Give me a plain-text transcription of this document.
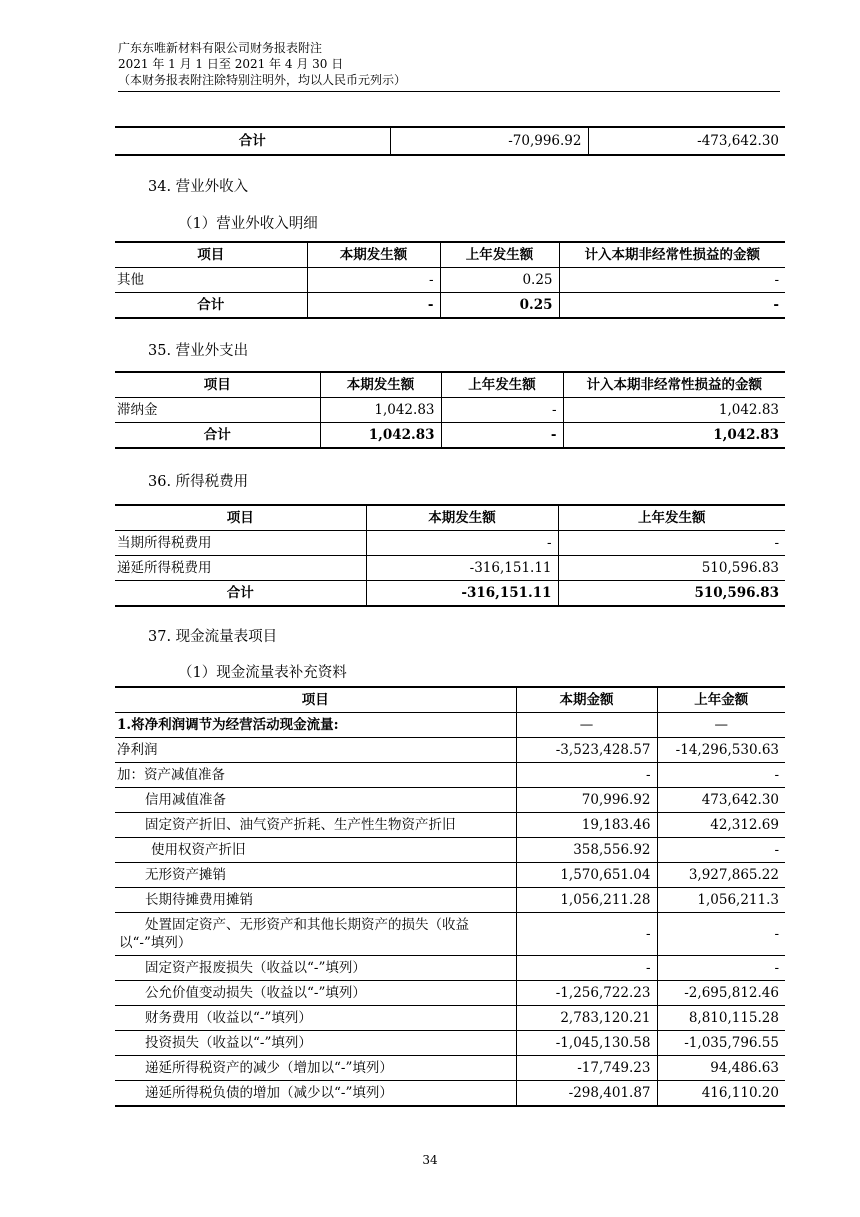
广东东唯新材料有限公司财务报表附注
2021 年 1 月 1 日至 2021 年 4 月 30 日
（本财务报表附注除特别注明外，均以人民币元列示）
合计	-70,996.92	-473,642.30
34. 营业外收入
（1）营业外收入明细
项目	本期发生额	上年发生额	计入本期非经常性损益的金额
其他	-	0.25	-
合计	-	0.25	-
35. 营业外支出
项目	本期发生额	上年发生额	计入本期非经常性损益的金额
滞纳金	1,042.83	-	1,042.83
合计	1,042.83	-	1,042.83
36. 所得税费用
项目	本期发生额	上年发生额
当期所得税费用	-	-
递延所得税费用	-316,151.11	510,596.83
合计	-316,151.11	510,596.83
37. 现金流量表项目
（1）现金流量表补充资料
项目	本期金额	上年金额
1.将净利润调节为经营活动现金流量:	—	—
净利润	-3,523,428.57	-14,296,530.63
加：资产减值准备	-	-
信用减值准备	70,996.92	473,642.30
固定资产折旧、油气资产折耗、生产性生物资产折旧	19,183.46	42,312.69
使用权资产折旧	358,556.92	-
无形资产摊销	1,570,651.04	3,927,865.22
长期待摊费用摊销	1,056,211.28	1,056,211.3
处置固定资产、无形资产和其他长期资产的损失（收益以“-”填列）	-	-
固定资产报废损失（收益以“-”填列）	-	-
公允价值变动损失（收益以“-”填列）	-1,256,722.23	-2,695,812.46
财务费用（收益以“-”填列）	2,783,120.21	8,810,115.28
投资损失（收益以“-”填列）	-1,045,130.58	-1,035,796.55
递延所得税资产的减少（增加以“-”填列）	-17,749.23	94,486.63
递延所得税负债的增加（减少以“-”填列）	-298,401.87	416,110.20
34
